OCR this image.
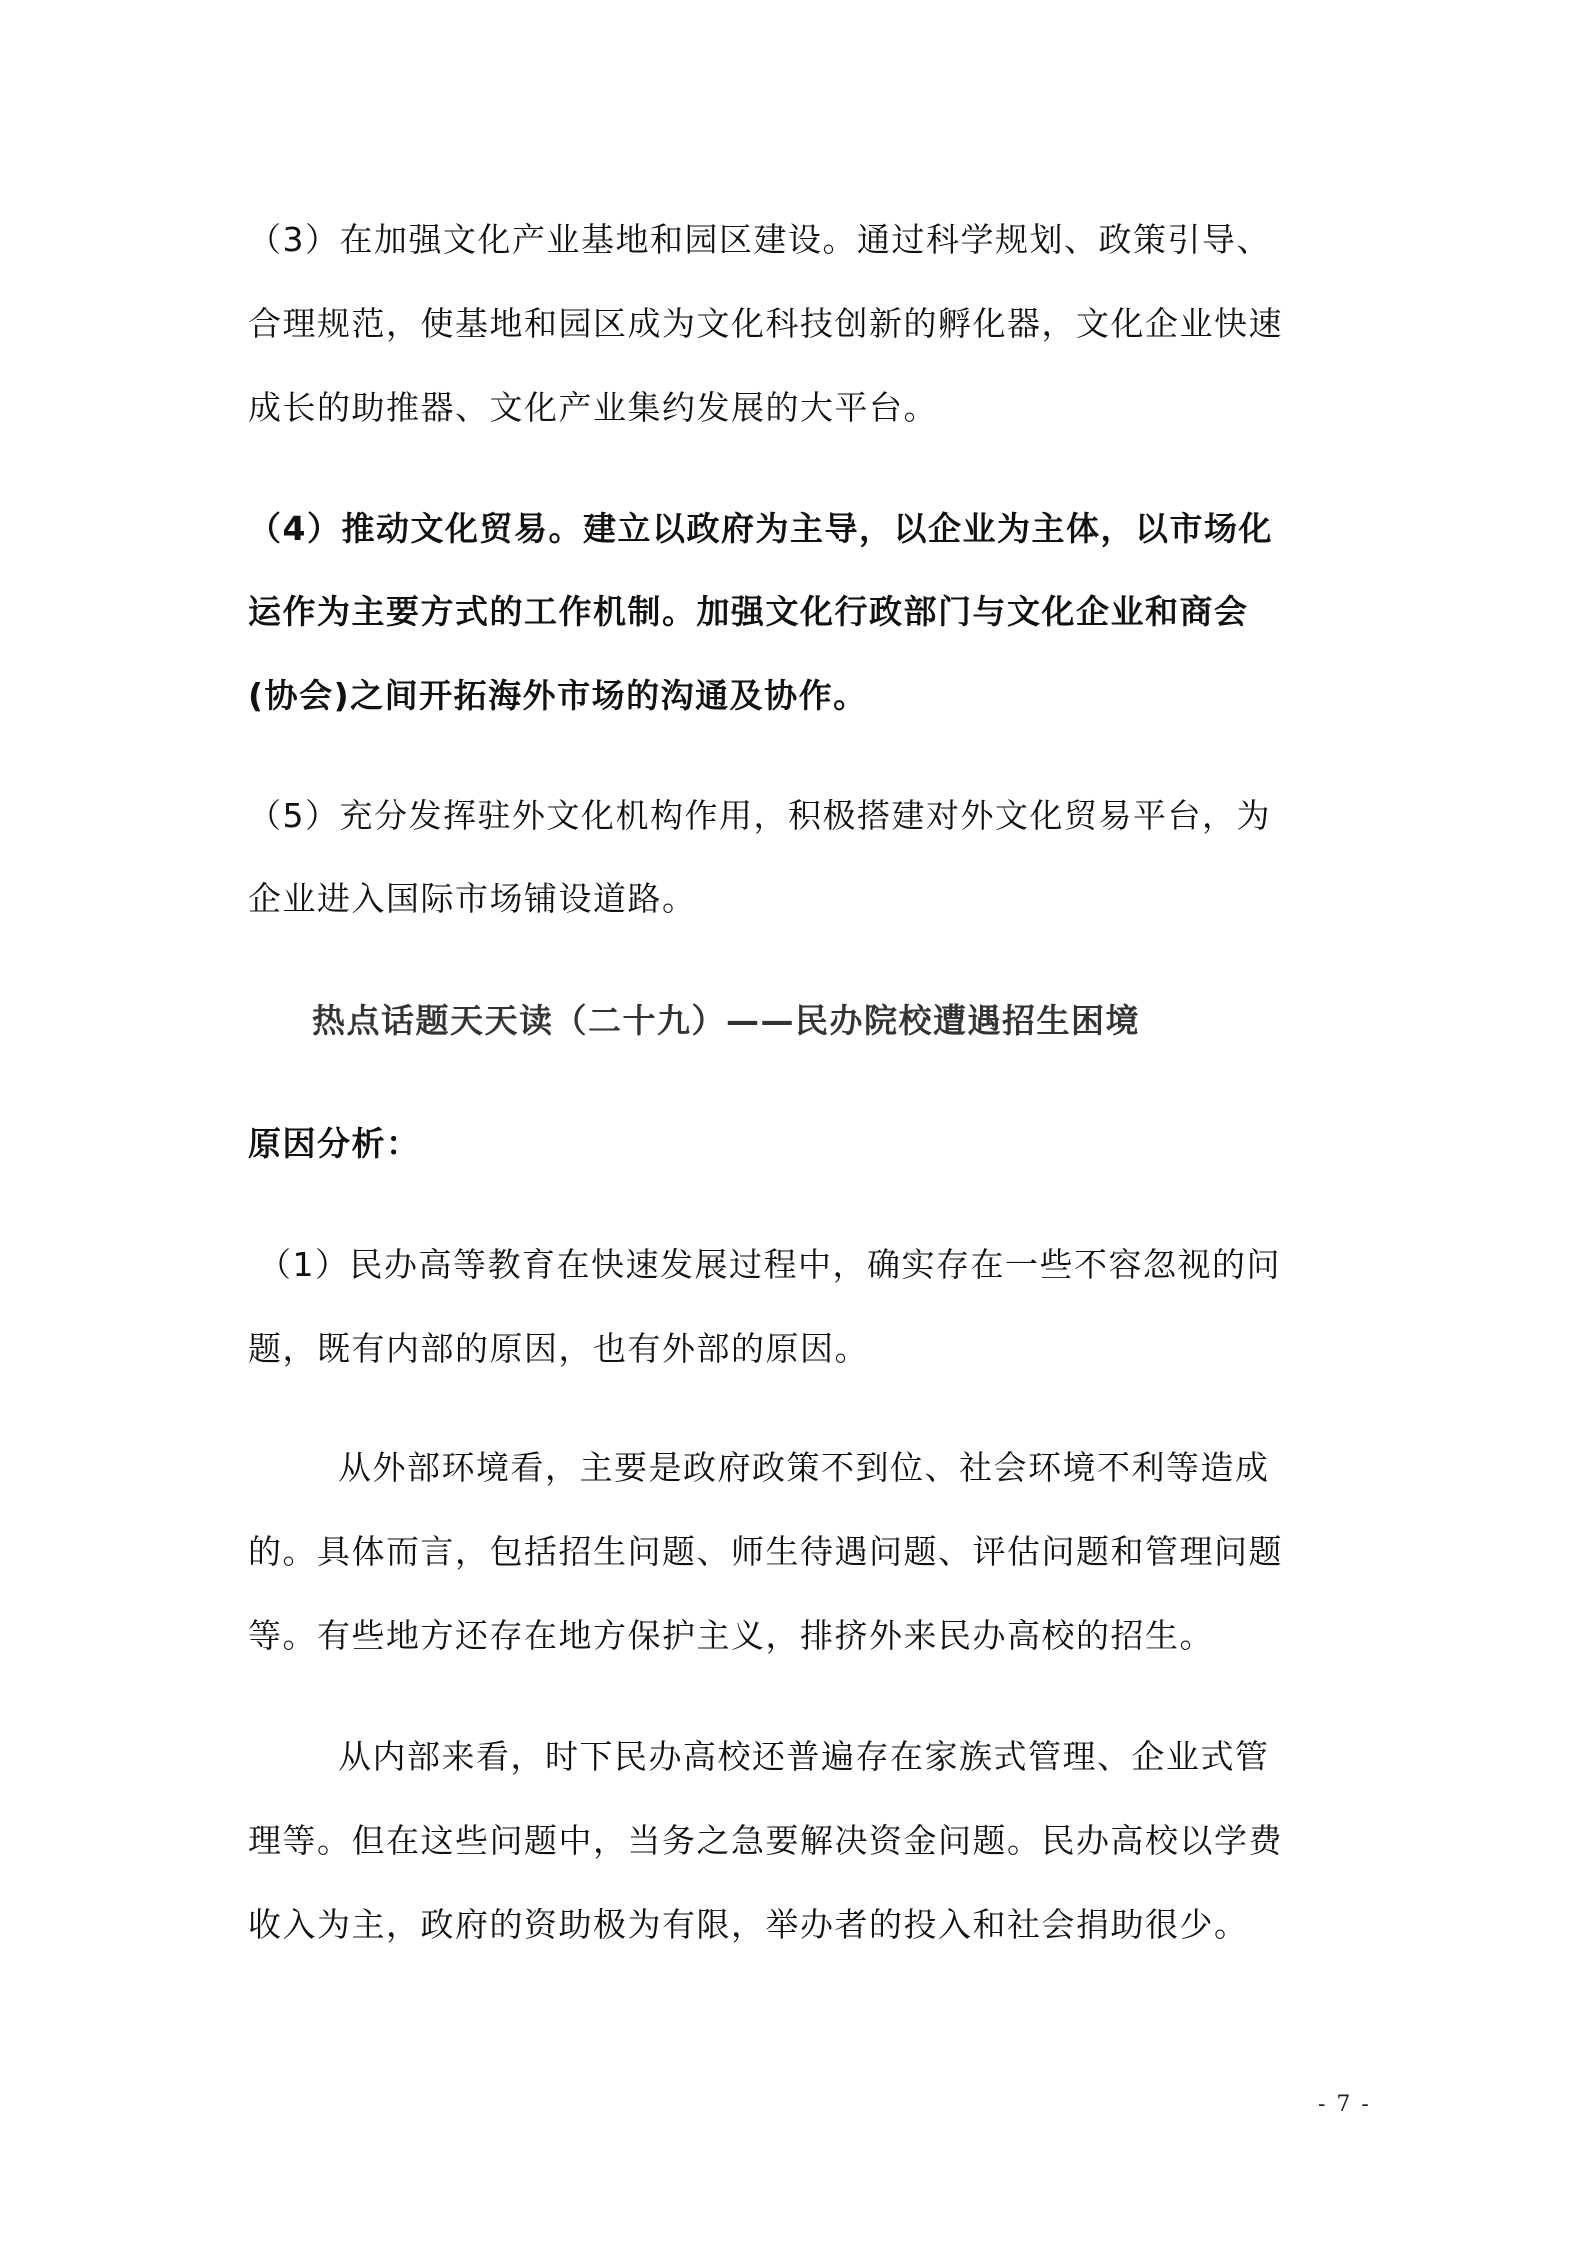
（3）在加强文化产业基地和园区建设。通过科学规划、政策引导、
合理规范，使基地和园区成为文化科技创新的孵化器，文化企业快速
成长的助推器、文化产业集约发展的大平台。
（4）推动文化贸易。建立以政府为主导，以企业为主体，以市场化
运作为主要方式的工作机制。加强文化行政部门与文化企业和商会
(协会)之间开拓海外市场的沟通及协作。
（5）充分发挥驻外文化机构作用，积极搭建对外文化贸易平台，为
企业进入国际市场铺设道路。
热点话题天天读（二十九）——民办院校遭遇招生困境
原因分析：
（1）民办高等教育在快速发展过程中，确实存在一些不容忽视的问
题，既有内部的原因，也有外部的原因。
从外部环境看，主要是政府政策不到位、社会环境不利等造成
的。具体而言，包括招生问题、师生待遇问题、评估问题和管理问题
等。有些地方还存在地方保护主义，排挤外来民办高校的招生。
从内部来看，时下民办高校还普遍存在家族式管理、企业式管
理等。但在这些问题中，当务之急要解决资金问题。民办高校以学费
收入为主，政府的资助极为有限，举办者的投入和社会捐助很少。
- 7 -
